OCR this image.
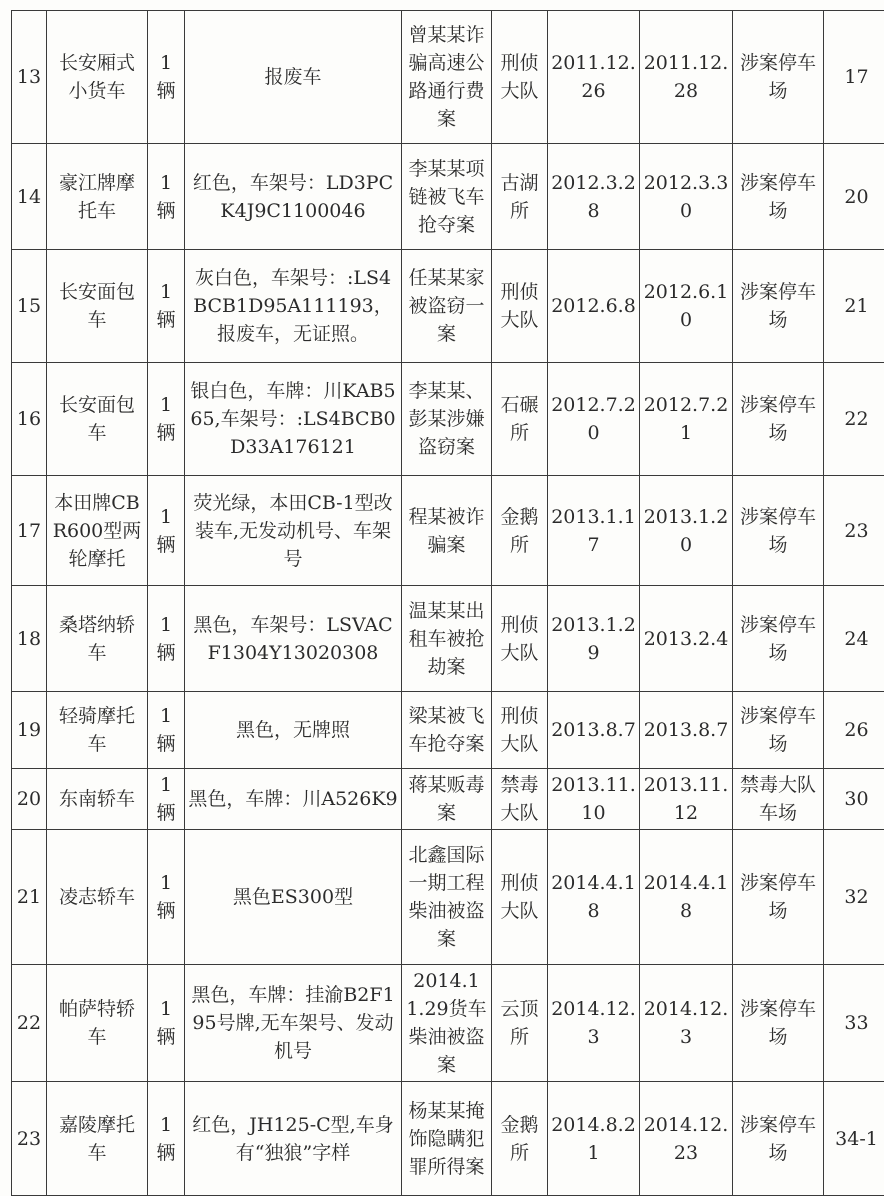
13	长安厢式小货车	1辆	报废车	曾某某诈骗高速公路通行费案	刑侦大队	2011.12.26	2011.12.28	涉案停车场	17
14	豪江牌摩托车	1辆	红色，车架号：LD3PCK4J9C1100046	李某某项链被飞车抢夺案	古湖所	2012.3.28	2012.3.30	涉案停车场	20
15	长安面包车	1辆	灰白色，车架号：:LS4BCB1D95A111193，报废车，无证照。	任某某家被盗窃一案	刑侦大队	2012.6.8	2012.6.10	涉案停车场	21
16	长安面包车	1辆	银白色，车牌：川KAB565,车架号：:LS4BCB0D33A176121	李某某、彭某涉嫌盗窃案	石碾所	2012.7.20	2012.7.21	涉案停车场	22
17	本田牌CBR600型两轮摩托	1辆	荧光绿，本田CB-1型改装车,无发动机号、车架号	程某被诈骗案	金鹅所	2013.1.17	2013.1.20	涉案停车场	23
18	桑塔纳轿车	1辆	黑色，车架号：LSVACF1304Y13020308	温某某出租车被抢劫案	刑侦大队	2013.1.29	2013.2.4	涉案停车场	24
19	轻骑摩托车	1辆	黑色，无牌照	梁某被飞车抢夺案	刑侦大队	2013.8.7	2013.8.7	涉案停车场	26
20	东南轿车	1辆	黑色，车牌：川A526K9	蒋某贩毒案	禁毒大队	2013.11.10	2013.11.12	禁毒大队车场	30
21	凌志轿车	1辆	黑色ES300型	北鑫国际一期工程柴油被盗案	刑侦大队	2014.4.18	2014.4.18	涉案停车场	32
22	帕萨特轿车	1辆	黑色，车牌：挂渝B2F195号牌,无车架号、发动机号	2014.11.29货车柴油被盗案	云顶所	2014.12.3	2014.12.3	涉案停车场	33
23	嘉陵摩托车	1辆	红色，JH125-C型,车身有“独狼”字样	杨某某掩饰隐瞒犯罪所得案	金鹅所	2014.8.21	2014.12.23	涉案停车场	34-1
